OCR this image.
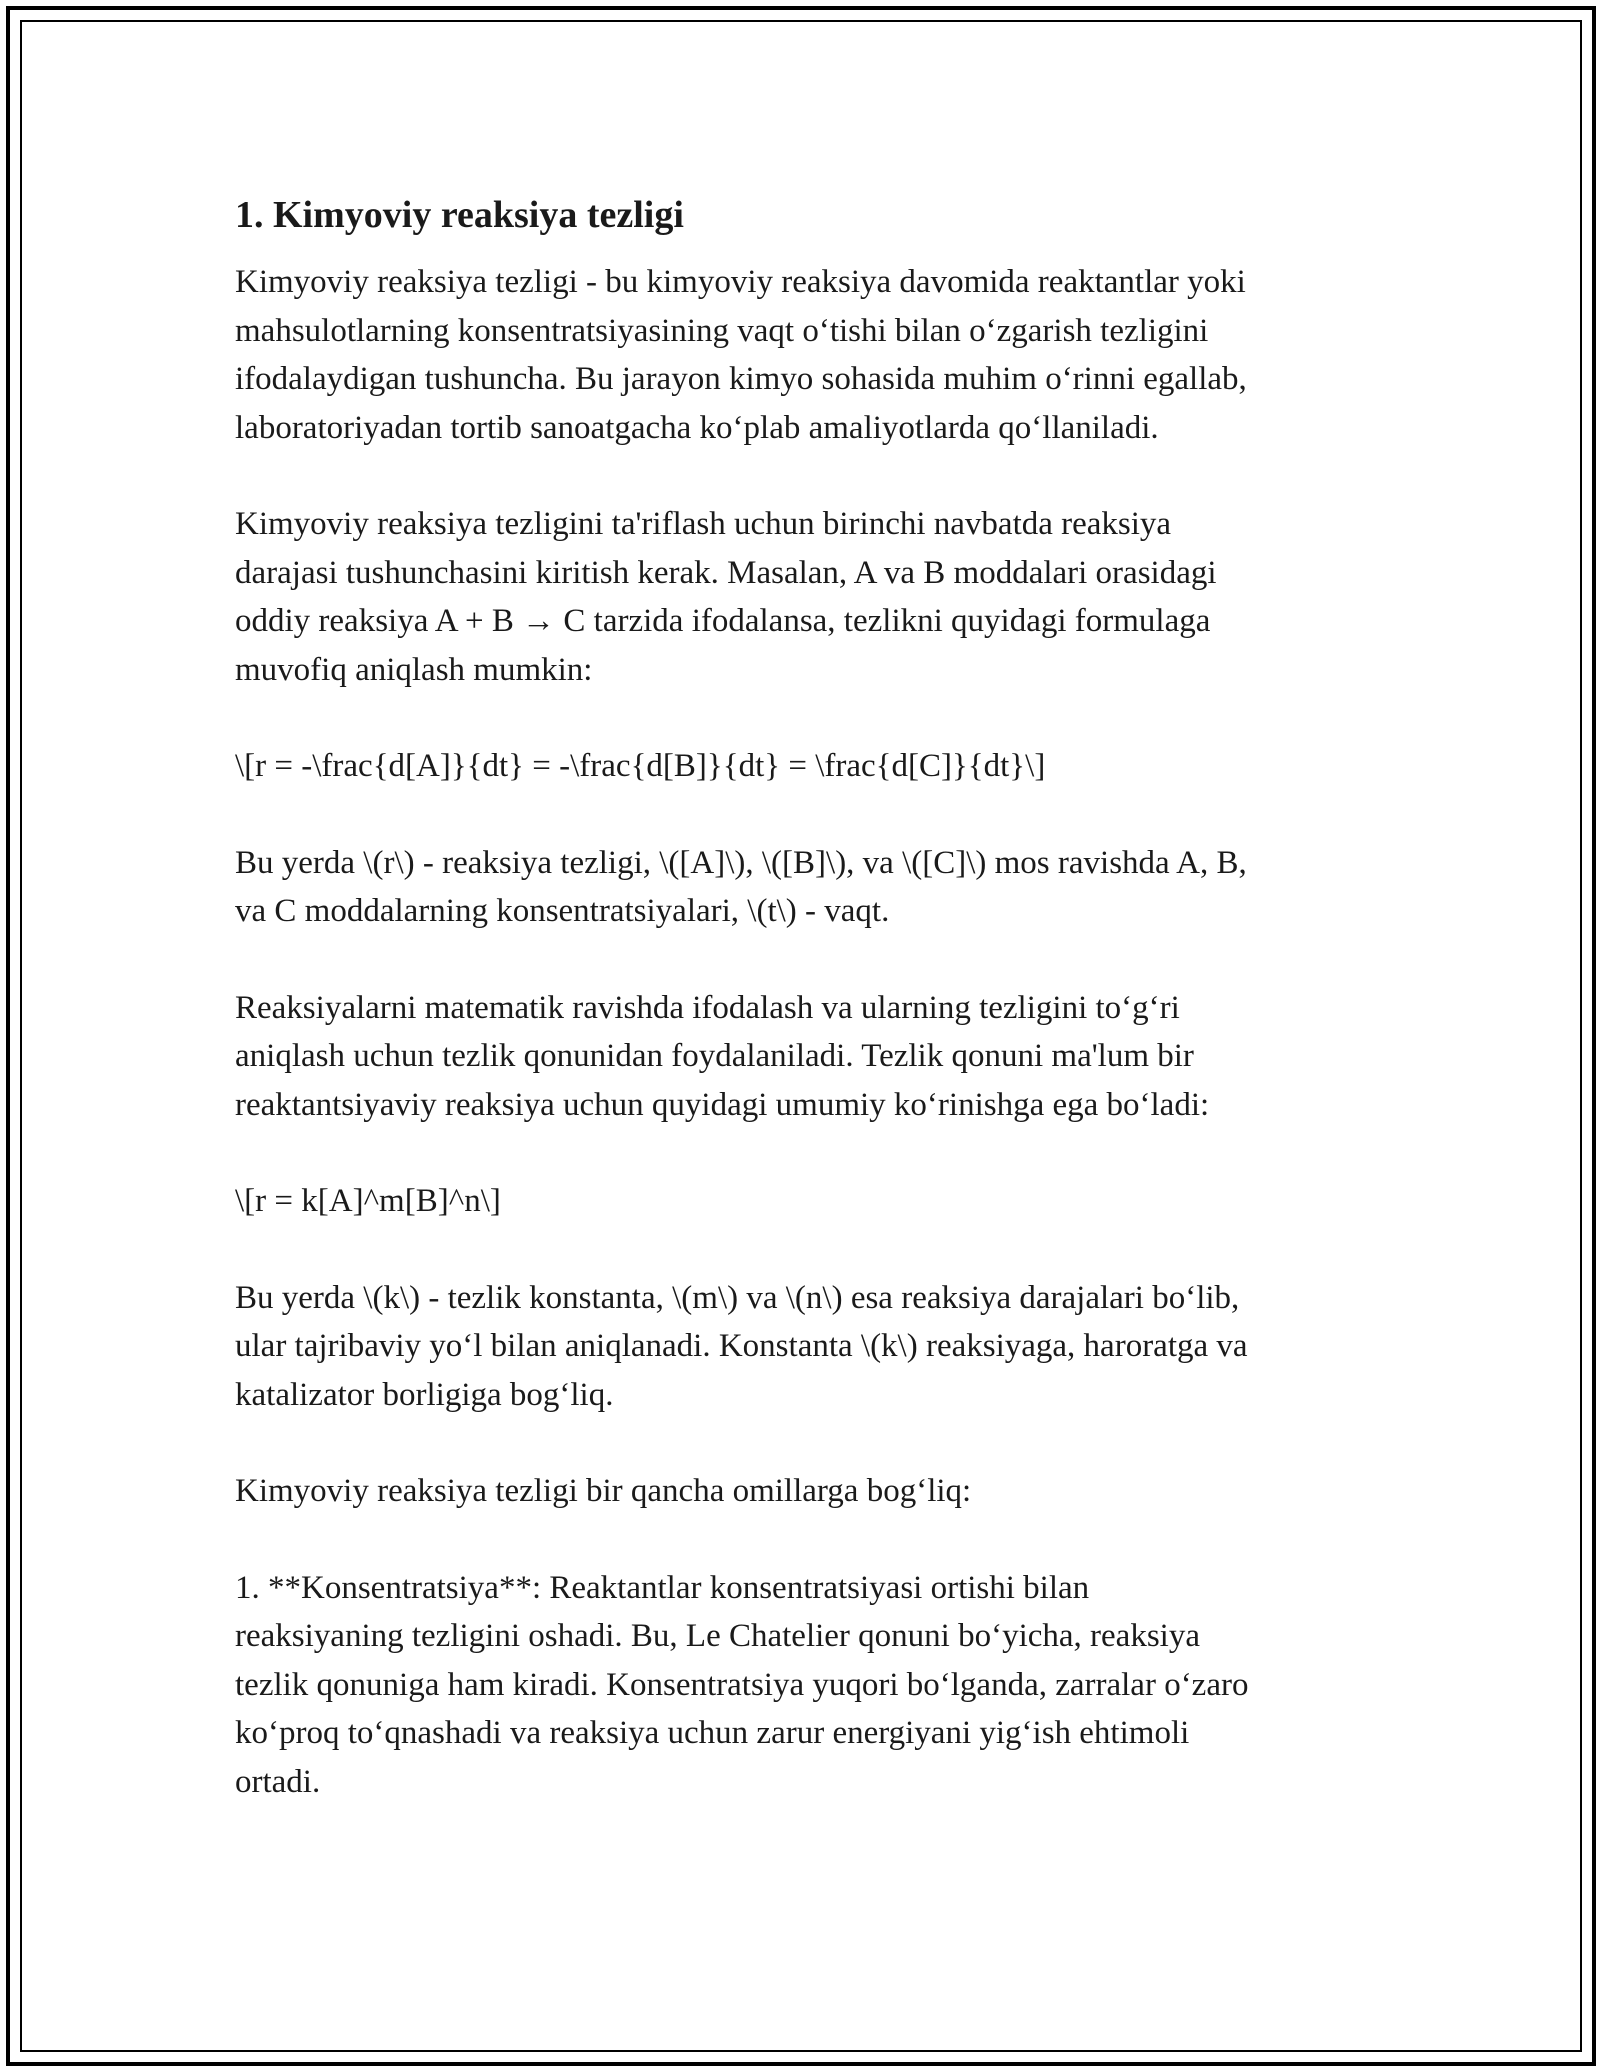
1. Kimyoviy reaksiya tezligi

Kimyoviy reaksiya tezligi - bu kimyoviy reaksiya davomida reaktantlar yoki
mahsulotlarning konsentratsiyasining vaqt o‘tishi bilan o‘zgarish tezligini
ifodalaydigan tushuncha. Bu jarayon kimyo sohasida muhim o‘rinni egallab,
laboratoriyadan tortib sanoatgacha ko‘plab amaliyotlarda qo‘llaniladi.

Kimyoviy reaksiya tezligini ta'riflash uchun birinchi navbatda reaksiya
darajasi tushunchasini kiritish kerak. Masalan, A va B moddalari orasidagi
oddiy reaksiya A + B → C tarzida ifodalansa, tezlikni quyidagi formulaga
muvofiq aniqlash mumkin:

\[r = -\frac{d[A]}{dt} = -\frac{d[B]}{dt} = \frac{d[C]}{dt}\]

Bu yerda \(r\) - reaksiya tezligi, \([A]\), \([B]\), va \([C]\) mos ravishda A, B,
va C moddalarning konsentratsiyalari, \(t\) - vaqt.

Reaksiyalarni matematik ravishda ifodalash va ularning tezligini to‘g‘ri
aniqlash uchun tezlik qonunidan foydalaniladi. Tezlik qonuni ma'lum bir
reaktantsiyaviy reaksiya uchun quyidagi umumiy ko‘rinishga ega bo‘ladi:

\[r = k[A]^m[B]^n\]

Bu yerda \(k\) - tezlik konstanta, \(m\) va \(n\) esa reaksiya darajalari bo‘lib,
ular tajribaviy yo‘l bilan aniqlanadi. Konstanta \(k\) reaksiyaga, haroratga va
katalizator borligiga bog‘liq.

Kimyoviy reaksiya tezligi bir qancha omillarga bog‘liq:

1. **Konsentratsiya**: Reaktantlar konsentratsiyasi ortishi bilan
reaksiyaning tezligini oshadi. Bu, Le Chatelier qonuni bo‘yicha, reaksiya
tezlik qonuniga ham kiradi. Konsentratsiya yuqori bo‘lganda, zarralar o‘zaro
ko‘proq to‘qnashadi va reaksiya uchun zarur energiyani yig‘ish ehtimoli
ortadi.
